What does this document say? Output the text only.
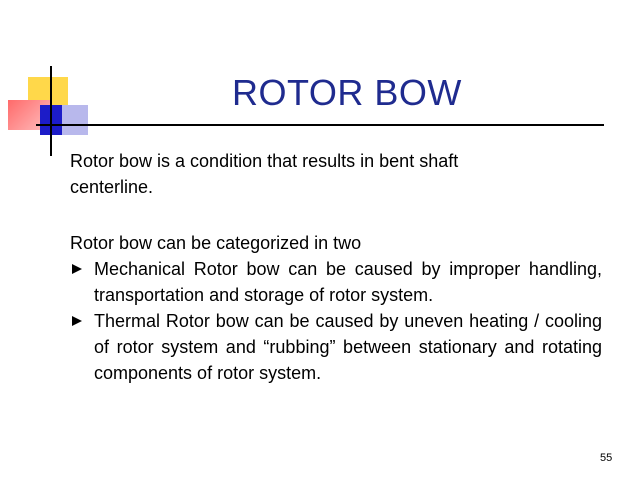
ROTOR BOW

Rotor bow is a condition that results in bent shaft

centerline.

Rotor bow can be categorized in two

Mechanical Rotor bow can be caused by improper handling, transportation and storage of rotor system.
Thermal Rotor bow can be caused by uneven heating / cooling of rotor system and “rubbing” between stationary and rotating components of rotor system.
55
